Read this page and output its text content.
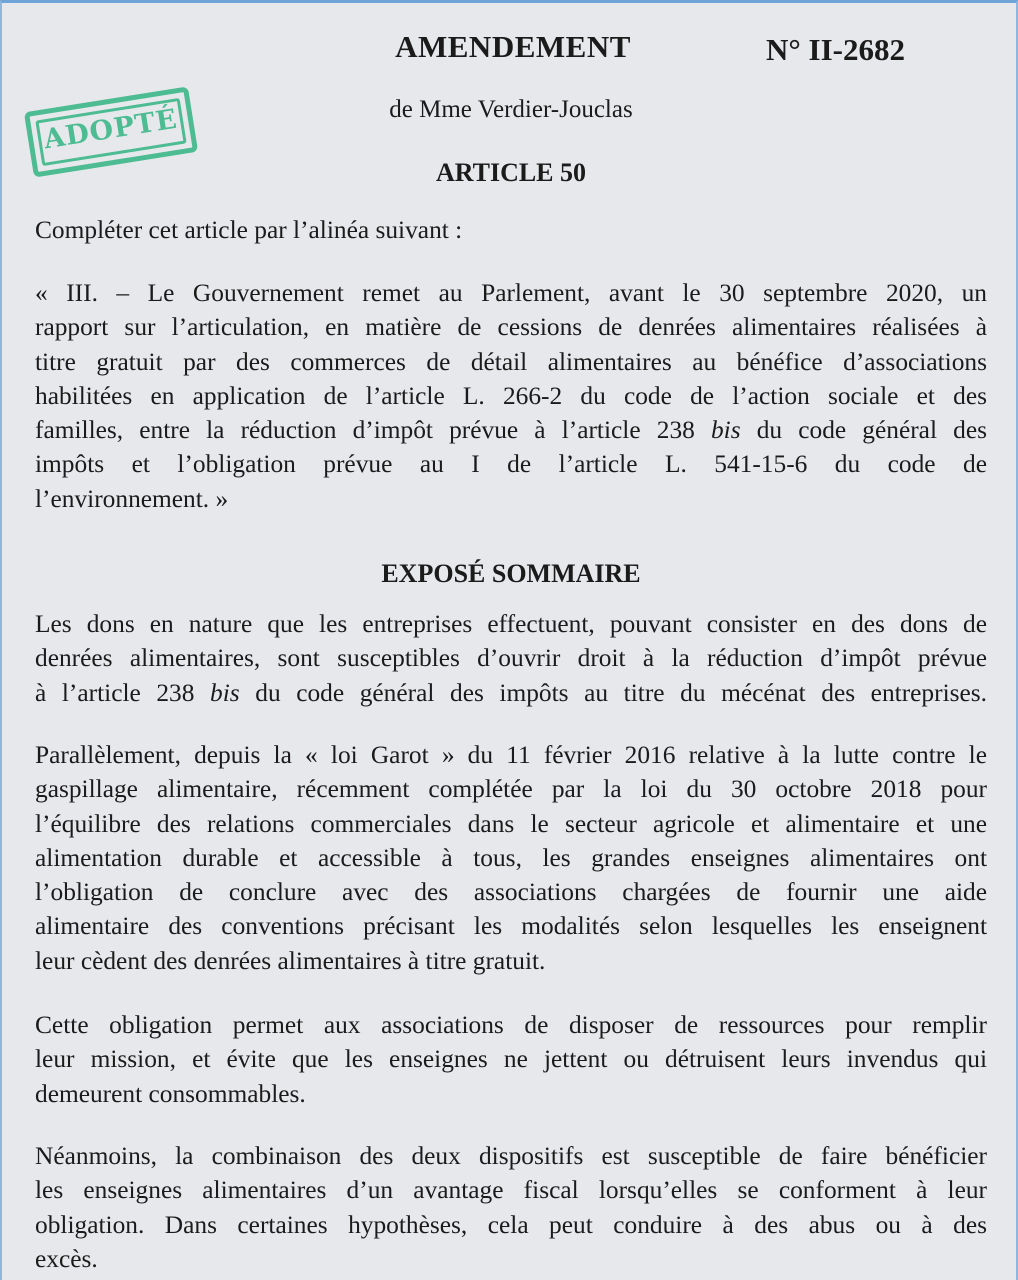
AMENDEMENT	N° II-2682
de Mme Verdier-Jouclas
ARTICLE 50
ADOPTÉ
Compléter cet article par l’alinéa suivant :
« III. – Le Gouvernement remet au Parlement, avant le 30 septembre 2020, un
rapport sur l’articulation, en matière de cessions de denrées alimentaires réalisées à
titre gratuit par des commerces de détail alimentaires au bénéfice d’associations
habilitées en application de l’article L. 266-2 du code de l’action sociale et des
familles, entre la réduction d’impôt prévue à l’article 238 bis du code général des
impôts et l’obligation prévue au I de l’article L. 541-15-6 du code de
l’environnement. »
EXPOSÉ SOMMAIRE
Les dons en nature que les entreprises effectuent, pouvant consister en des dons de
denrées alimentaires, sont susceptibles d’ouvrir droit à la réduction d’impôt prévue
à l’article 238 bis du code général des impôts au titre du mécénat des entreprises.
Parallèlement, depuis la « loi Garot » du 11 février 2016 relative à la lutte contre le
gaspillage alimentaire, récemment complétée par la loi du 30 octobre 2018 pour
l’équilibre des relations commerciales dans le secteur agricole et alimentaire et une
alimentation durable et accessible à tous, les grandes enseignes alimentaires ont
l’obligation de conclure avec des associations chargées de fournir une aide
alimentaire des conventions précisant les modalités selon lesquelles les enseignent
leur cèdent des denrées alimentaires à titre gratuit.
Cette obligation permet aux associations de disposer de ressources pour remplir
leur mission, et évite que les enseignes ne jettent ou détruisent leurs invendus qui
demeurent consommables.
Néanmoins, la combinaison des deux dispositifs est susceptible de faire bénéficier
les enseignes alimentaires d’un avantage fiscal lorsqu’elles se conforment à leur
obligation. Dans certaines hypothèses, cela peut conduire à des abus ou à des
excès.
